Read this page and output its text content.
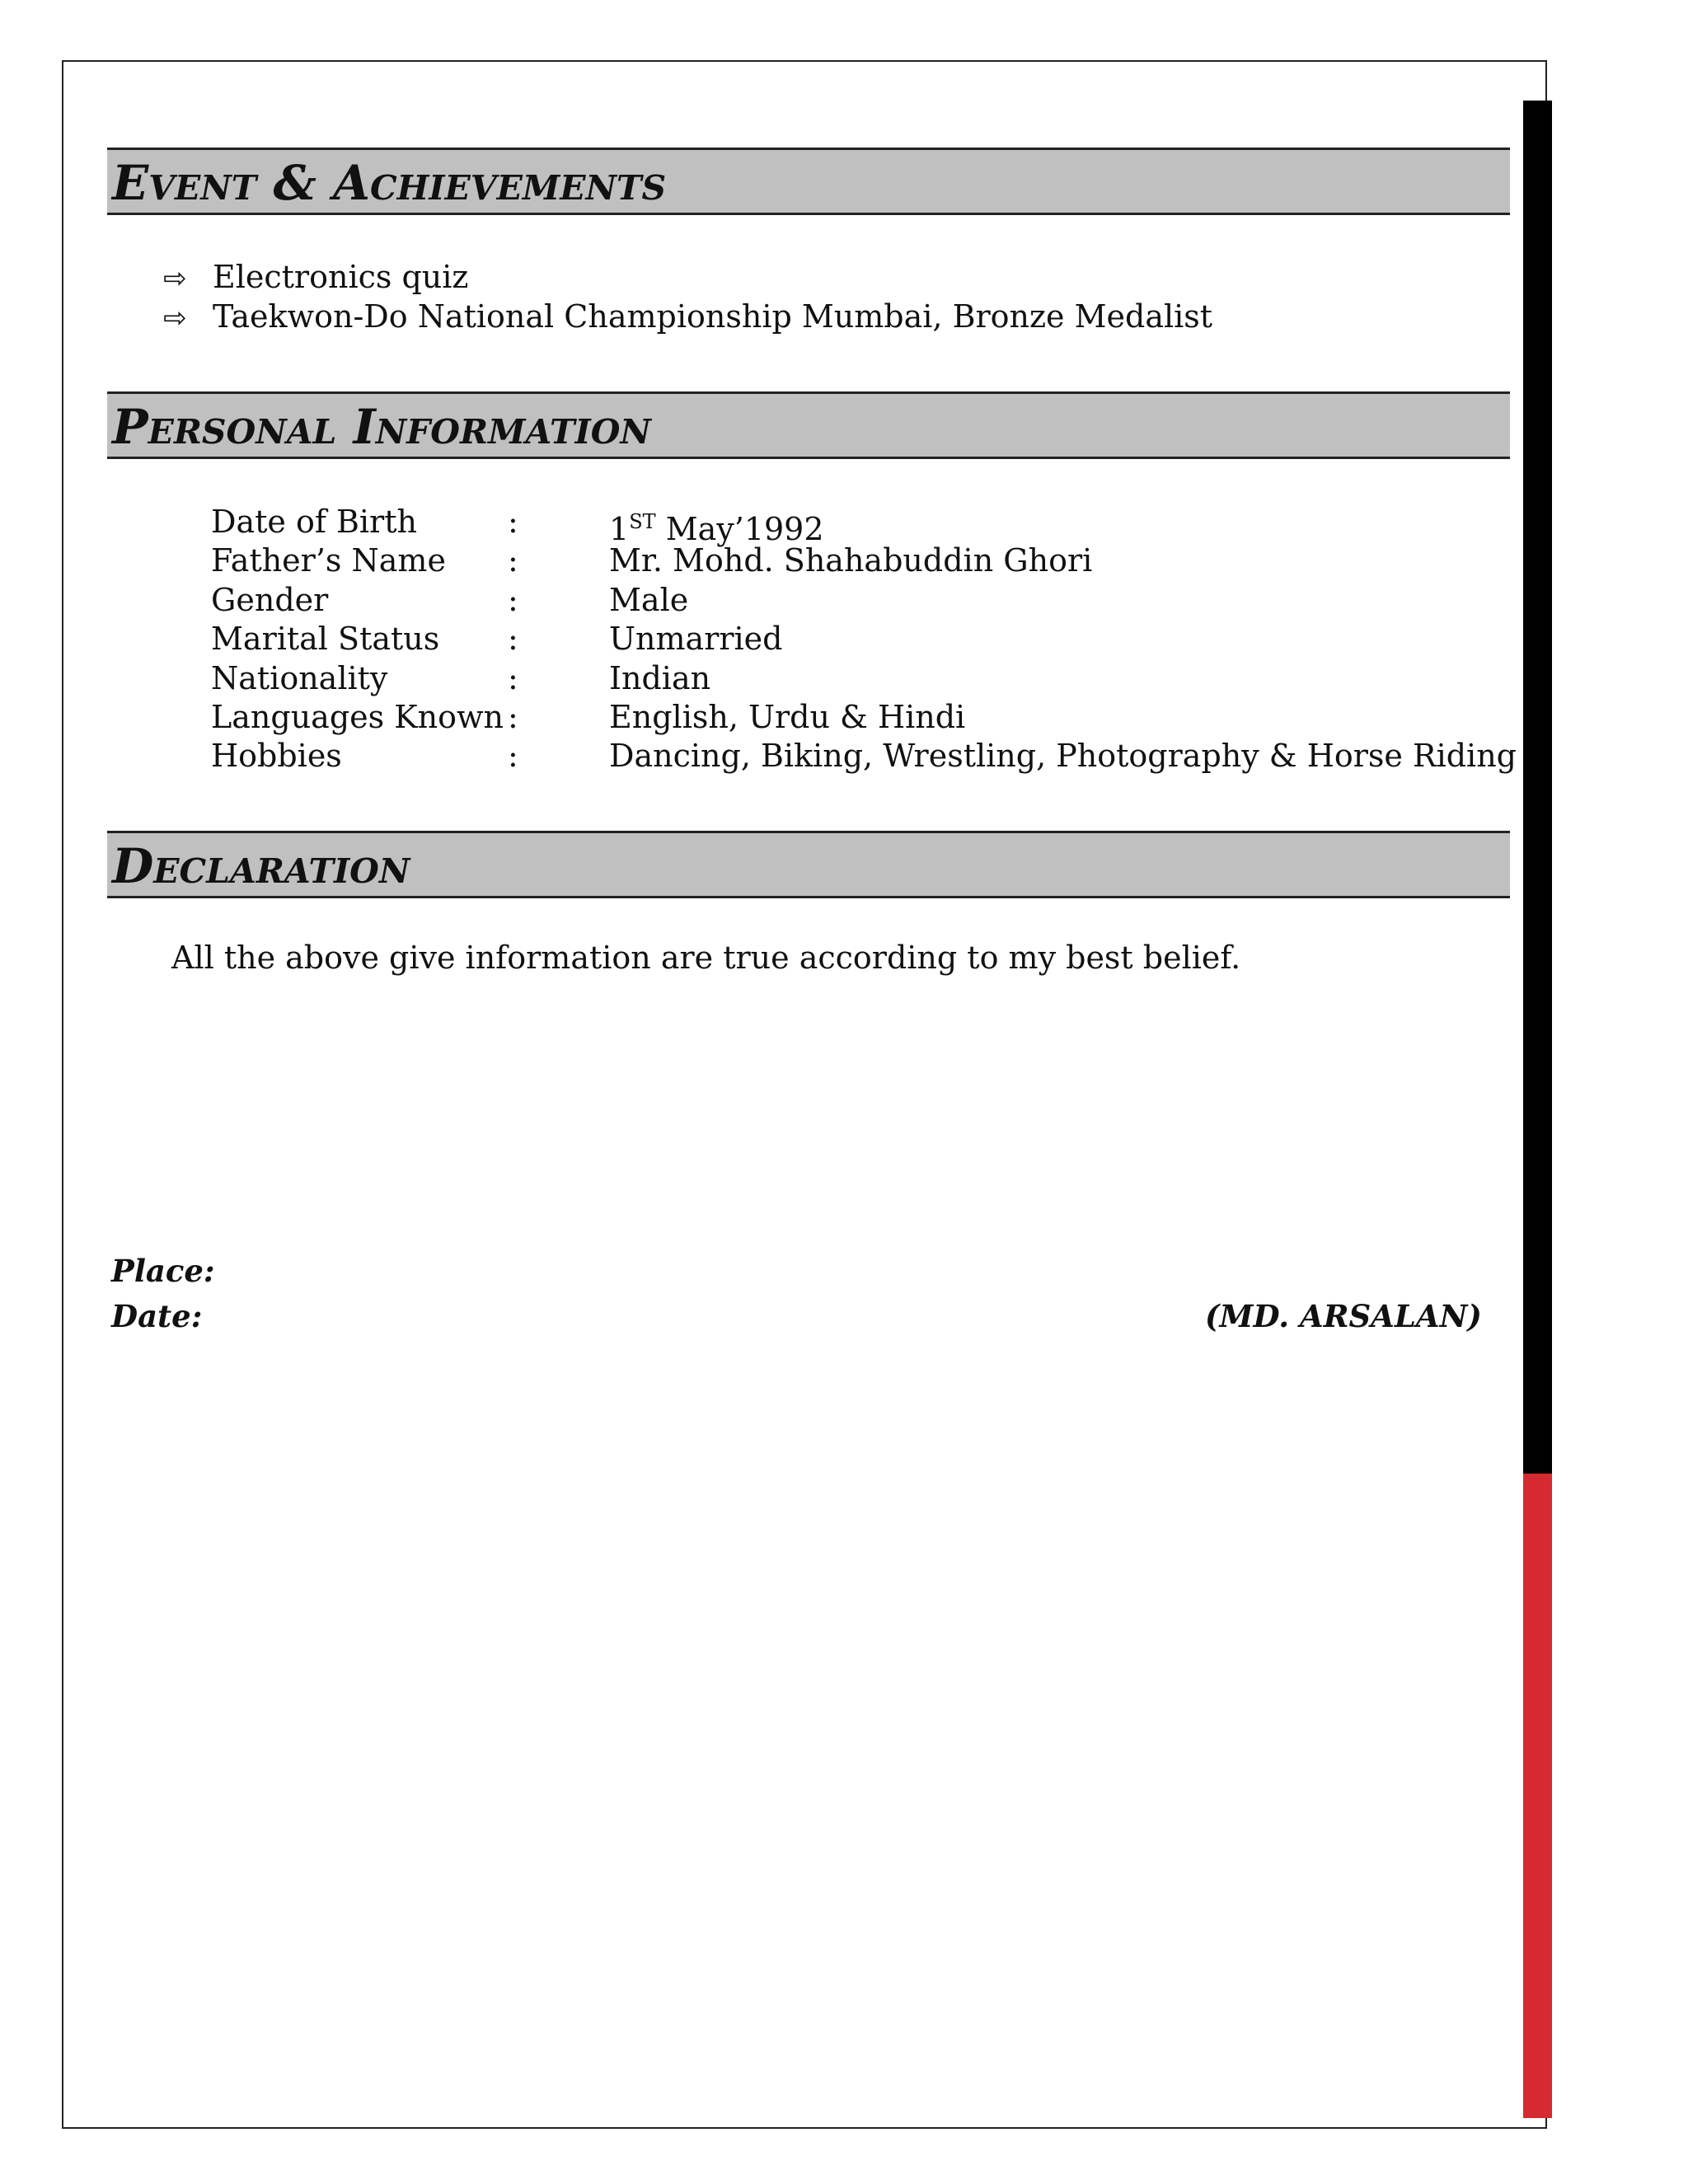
Event & Achievements
⇨ Electronics quiz
⇨ Taekwon-Do National Championship Mumbai, Bronze Medalist
Personal Information
Date of Birth	:	1ST May’1992
Father’s Name :	Mr. Mohd. Shahabuddin Ghori
Gender	:	Male
Marital Status :	Unmarried
Nationality	:	Indian
Languages Known :	English, Urdu & Hindi
Hobbies	:	Dancing, Biking, Wrestling, Photography & Horse Riding
Declaration
All the above give information are true according to my best belief.
Place:
Date:	(MD. ARSALAN)
